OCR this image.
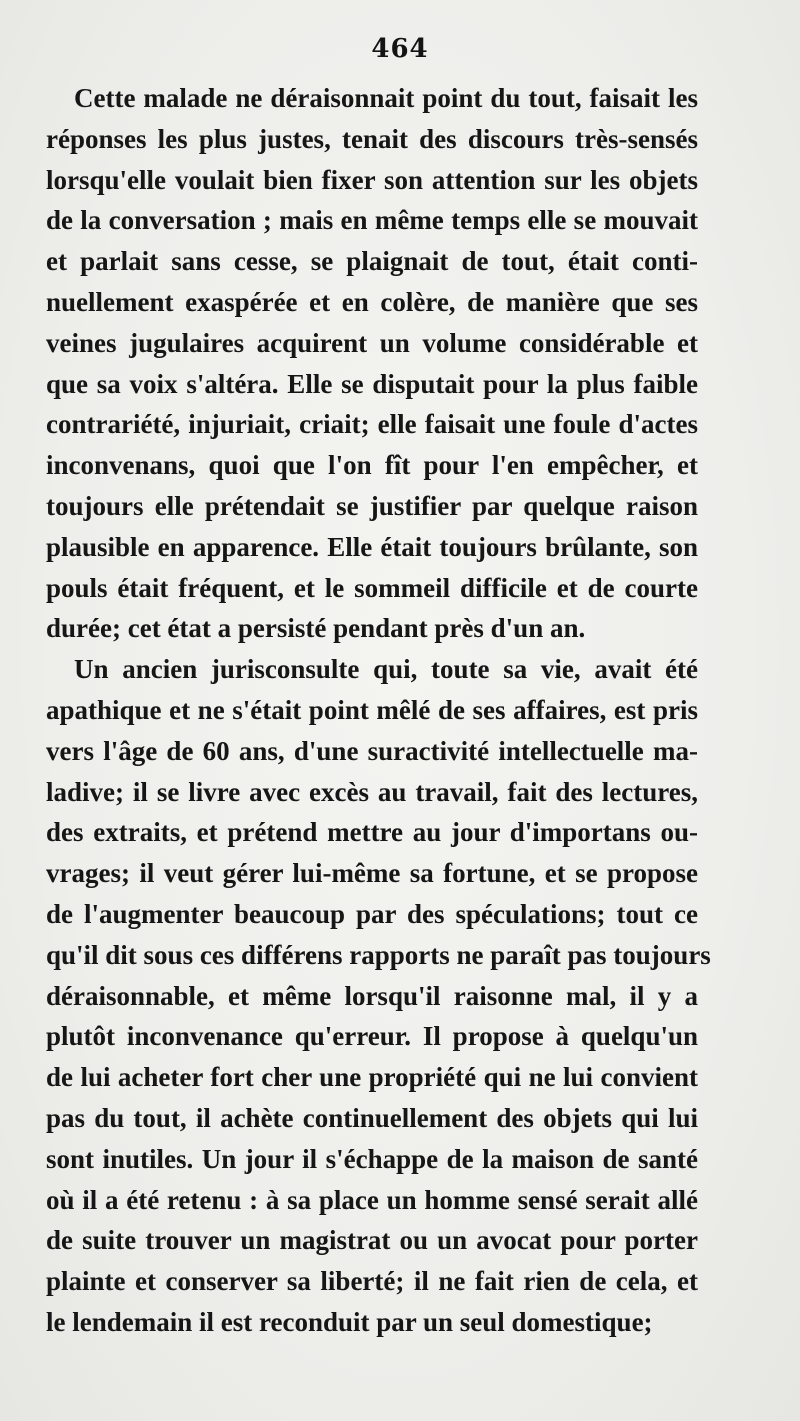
464
Cette malade ne déraisonnait point du tout, faisait les
réponses les plus justes, tenait des discours très-sensés
lorsqu'elle voulait bien fixer son attention sur les objets
de la conversation ; mais en même temps elle se mouvait
et parlait sans cesse, se plaignait de tout, était conti-
nuellement exaspérée et en colère, de manière que ses
veines jugulaires acquirent un volume considérable et
que sa voix s'altéra. Elle se disputait pour la plus faible
contrariété, injuriait, criait; elle faisait une foule d'actes
inconvenans, quoi que l'on fît pour l'en empêcher, et
toujours elle prétendait se justifier par quelque raison
plausible en apparence. Elle était toujours brûlante, son
pouls était fréquent, et le sommeil difficile et de courte
durée; cet état a persisté pendant près d'un an.
Un ancien jurisconsulte qui, toute sa vie, avait été
apathique et ne s'était point mêlé de ses affaires, est pris
vers l'âge de 60 ans, d'une suractivité intellectuelle ma-
ladive; il se livre avec excès au travail, fait des lectures,
des extraits, et prétend mettre au jour d'importans ou-
vrages; il veut gérer lui-même sa fortune, et se propose
de l'augmenter beaucoup par des spéculations; tout ce
qu'il dit sous ces différens rapports ne paraît pas toujours
déraisonnable, et même lorsqu'il raisonne mal, il y a
plutôt inconvenance qu'erreur. Il propose à quelqu'un
de lui acheter fort cher une propriété qui ne lui convient
pas du tout, il achète continuellement des objets qui lui
sont inutiles. Un jour il s'échappe de la maison de santé
où il a été retenu : à sa place un homme sensé serait allé
de suite trouver un magistrat ou un avocat pour porter
plainte et conserver sa liberté; il ne fait rien de cela, et
le lendemain il est reconduit par un seul domestique;
